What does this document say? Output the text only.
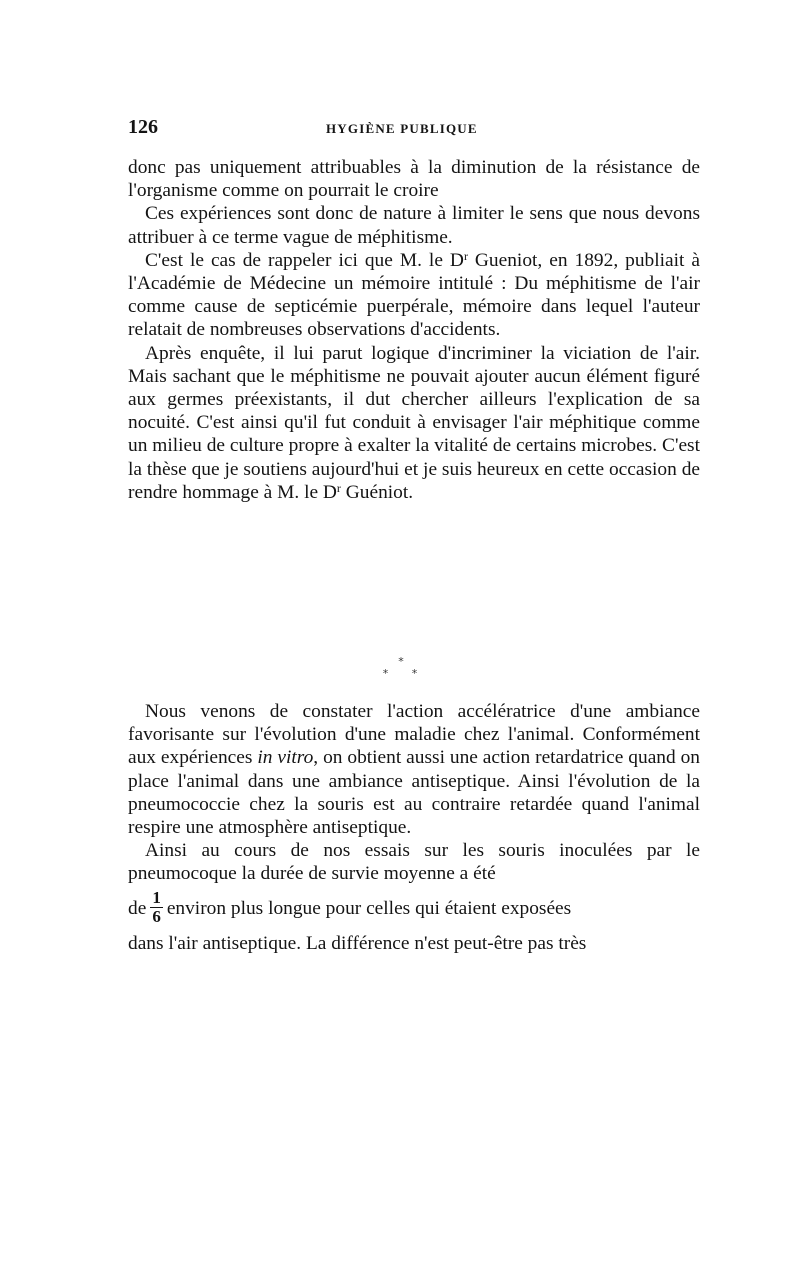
126	HYGIÈNE PUBLIQUE

donc pas uniquement attribuables à la diminution de la résistance de l'organisme comme on pourrait le croire

Ces expériences sont donc de nature à limiter le sens que nous devons attribuer à ce terme vague de méphitisme.

C'est le cas de rappeler ici que M. le $D^r$ Gueniot, en 1892, publiait à l'Académie de Médecine un mémoire intitulé : Du méphitisme de l'air comme cause de septicémie puerpérale, mémoire dans lequel l'auteur relatait de nombreuses observations d'accidents.

Après enquête, il lui parut logique d'incriminer la viciation de l'air. Mais sachant que le méphitisme ne pouvait ajouter aucun élément figuré aux germes préexistants, il dut chercher ailleurs l'explication de sa nocuité. C'est ainsi qu'il fut conduit à envisager l'air méphitique comme un milieu de culture propre à exalter la vitalité de certains microbes. C'est la thèse que je soutiens aujourd'hui et je suis heureux en cette occasion de rendre hommage à M. le $D^r$ Guéniot.

*
* *

Nous venons de constater l'action accélératrice d'une ambiance favorisante sur l'évolution d'une maladie chez l'animal. Conformément aux expériences in vitro, on obtient aussi une action retardatrice quand on place l'animal dans une ambiance antiseptique. Ainsi l'évolution de la pneumococcie chez la souris est au contraire retardée quand l'animal respire une atmosphère antiseptique.

Ainsi au cours de nos essais sur les souris inoculées par le pneumocoque la durée de survie moyenne a été

de $\frac{1}{6}$ environ plus longue pour celles qui étaient exposées

dans l'air antiseptique. La différence n'est peut-être pas très
